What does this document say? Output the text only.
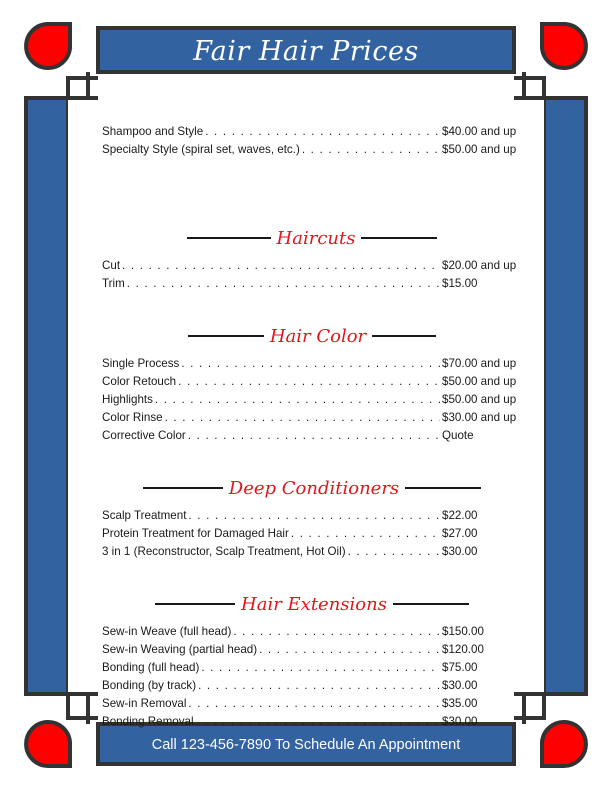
Fair Hair Prices
Call 123-456-7890 To Schedule An Appointment
Shampoo and Style . . .	$40.00 and up
Specialty Style (spiral set, waves, etc.) . . .	$50.00 and up
Haircuts
Cut . . .	$20.00 and up
Trim . . .	$15.00
Hair Color
Single Process . . .	$70.00 and up
Color Retouch . . .	$50.00 and up
Highlights . . .	$50.00 and up
Color Rinse . . .	$30.00 and up
Corrective Color . . .	Quote
Deep Conditioners
Scalp Treatment . . .	$22.00
Protein Treatment for Damaged Hair . . .	$27.00
3 in 1 (Reconstructor, Scalp Treatment, Hot Oil) . . .	$30.00
Hair Extensions
Sew-in Weave (full head) . . .	$150.00
Sew-in Weaving (partial head) . . .	$120.00
Bonding (full head) . . .	$75.00
Bonding (by track) . . .	$30.00
Sew-in Removal . . .	$35.00
Bonding Removal . . .	$30.00
